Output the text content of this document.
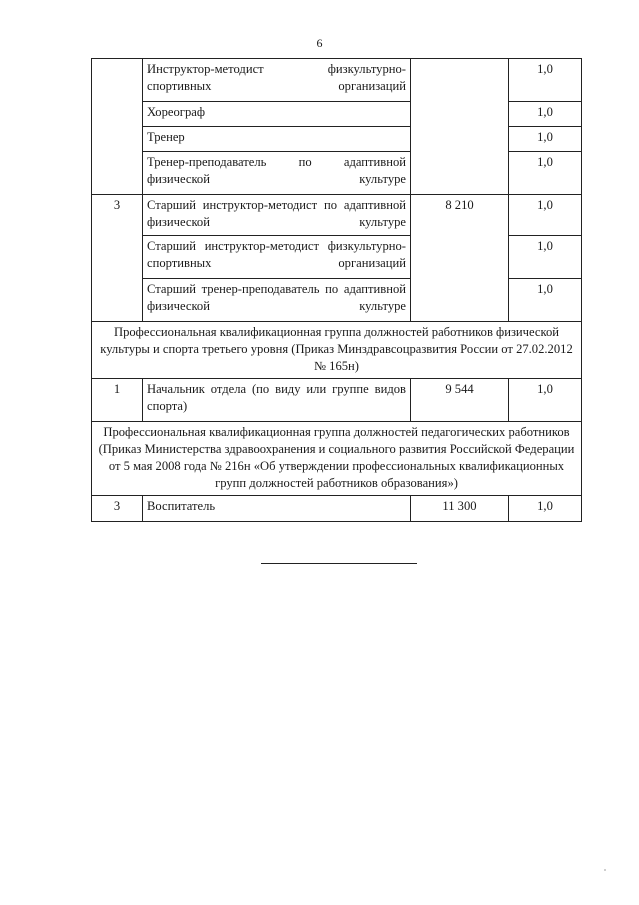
6
	Инструктор-методист физкультурно-спортивных организаций		1,0
	Хореограф		1,0
	Тренер		1,0
	Тренер-преподаватель по адаптивной физической культуре		1,0
3	Старший инструктор-методист по адаптивной физической культуре	8 210	1,0
	Старший инструктор-методист физкультурно-спортивных организаций		1,0
	Старший тренер-преподаватель по адаптивной физической культуре		1,0
Профессиональная квалификационная группа должностей работников физической культуры и спорта третьего уровня (Приказ Минздравсоцразвития России от 27.02.2012 № 165н)			
1	Начальник отдела (по виду или группе видов спорта)	9 544	1,0
Профессиональная квалификационная группа должностей педагогических работников (Приказ Министерства здравоохранения и социального развития Российской Федерации от 5 мая 2008 года № 216н «Об утверждении профессиональных квалификационных групп должностей работников образования»)			
3	Воспитатель	11 300	1,0
